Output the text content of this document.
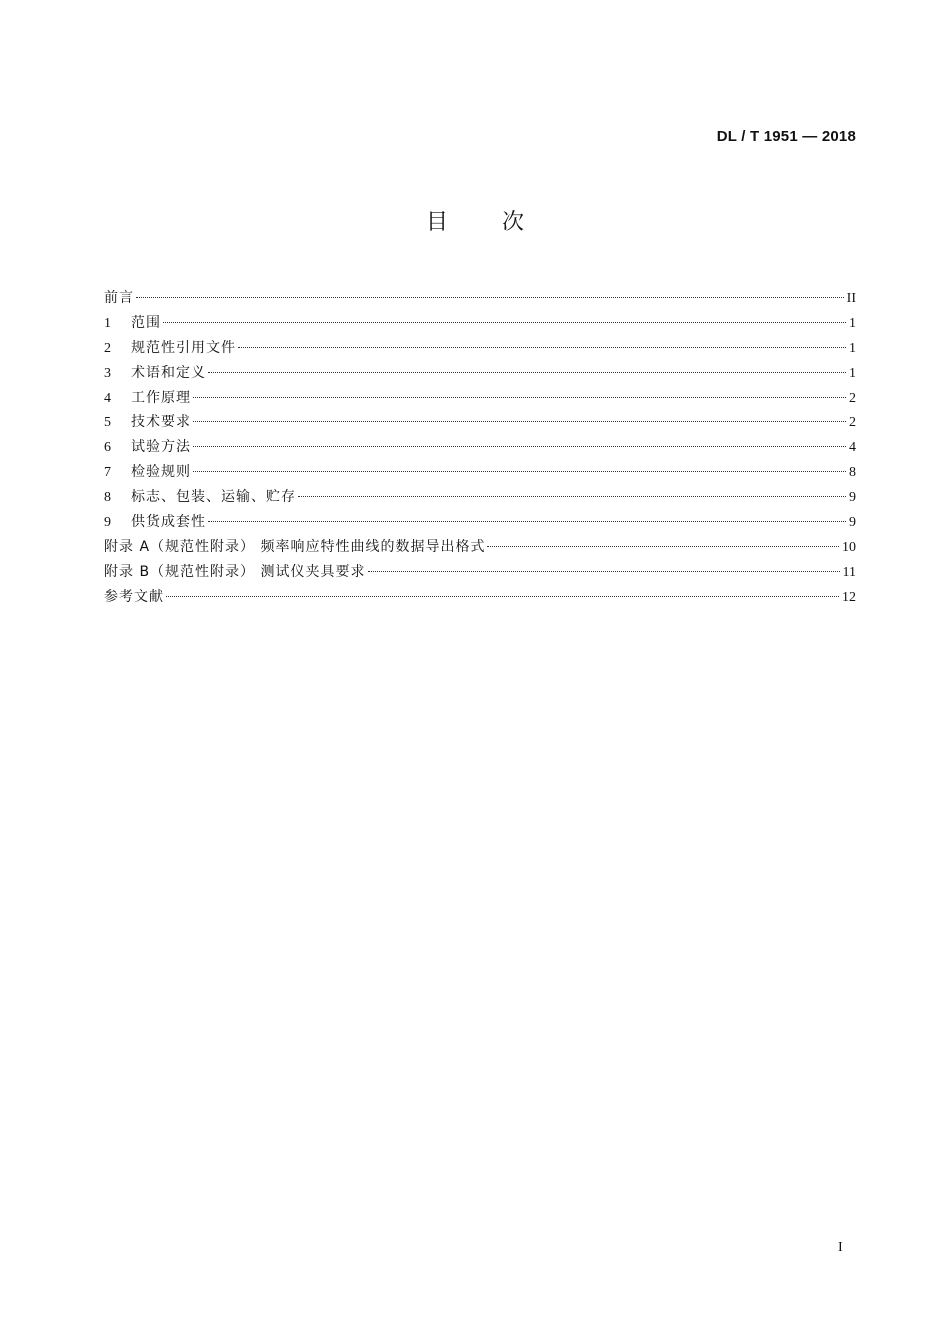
DL / T 1951 — 2018
目次
前言	II
1	范围	1
2	规范性引用文件	1
3	术语和定义	1
4	工作原理	2
5	技术要求	2
6	试验方法	4
7	检验规则	8
8	标志、包装、运输、贮存	9
9	供货成套性	9
附录 A（规范性附录） 频率响应特性曲线的数据导出格式	10
附录 B（规范性附录） 测试仪夹具要求	11
参考文献	12
I
